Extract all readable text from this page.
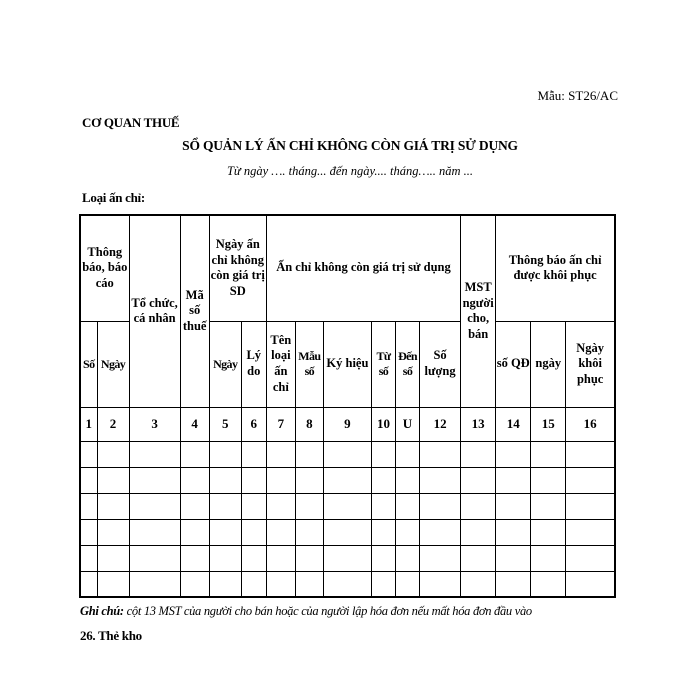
Mẫu: ST26/AC
CƠ QUAN THUẾ
SỔ QUẢN LÝ ẤN CHỈ KHÔNG CÒN GIÁ TRỊ SỬ DỤNG
Từ ngày …. tháng... đến ngày.... tháng….. năm ...
Loại ấn chỉ:
Thông báo, báo cáo		Tổ chức, cá nhân	Mã số thuế	Ngày ấn chỉ không còn giá trị SD		Ấn chỉ không còn giá trị sử dụng						MST người cho, bán	Thông báo ấn chỉ được khôi phục		
Số	Ngày			Ngày	Lý do	Tên loại ấn chỉ	Mẫu số	Ký hiệu	Từ số	Đến số	Số lượng		số QĐ	ngày	Ngày khôi phục
1	2	3	4	5	6	7	8	9	10	U	12	13	14	15	16

Ghi chú: cột 13 MST của người cho bán hoặc của người lập hóa đơn nếu mất hóa đơn đầu vào
26. Thẻ kho
